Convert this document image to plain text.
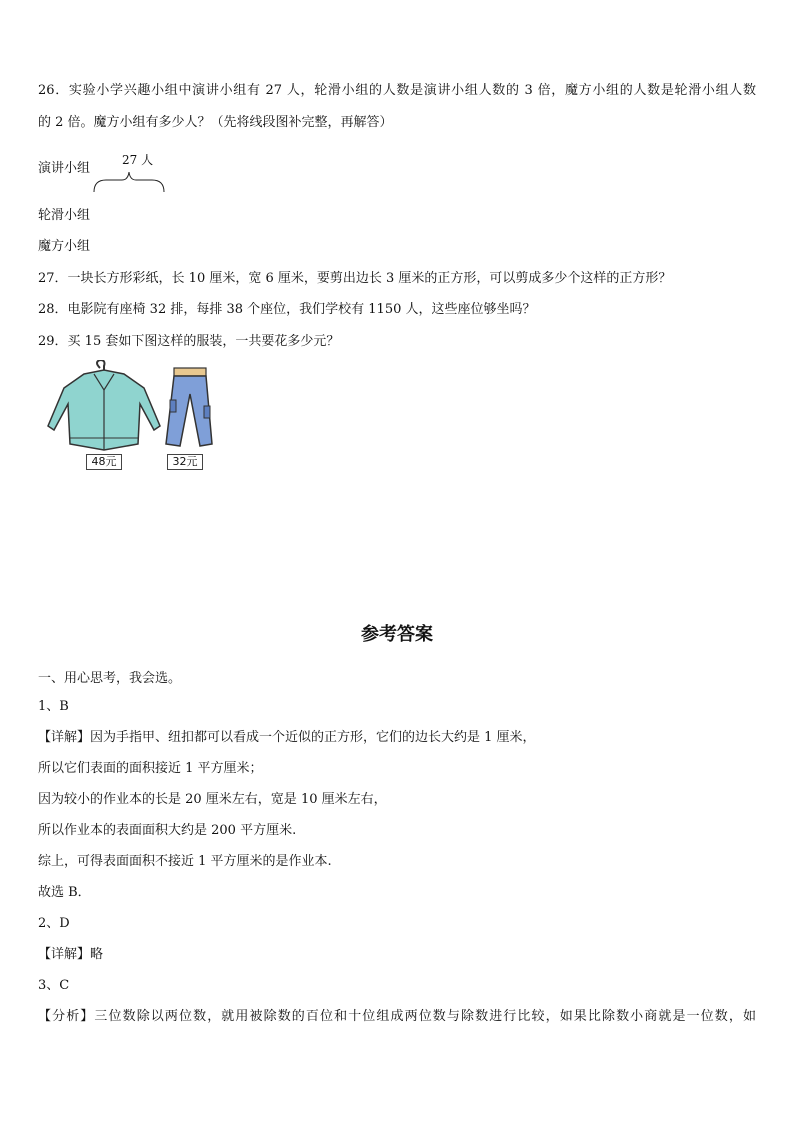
26．实验小学兴趣小组中演讲小组有 27 人，轮滑小组的人数是演讲小组人数的 3 倍，魔方小组的人数是轮滑小组人数
的 2 倍。魔方小组有多少人？（先将线段图补完整，再解答）
演讲小组
27 人
轮滑小组
魔方小组
27．一块长方形彩纸，长 10 厘米，宽 6 厘米，要剪出边长 3 厘米的正方形，可以剪成多少个这样的正方形？
28．电影院有座椅 32 排，每排 38 个座位，我们学校有 1150 人，这些座位够坐吗？
29．买 15 套如下图这样的服装，一共要花多少元？
48元	32元
参考答案
一、用心思考，我会选。
1、B
【详解】因为手指甲、纽扣都可以看成一个近似的正方形，它们的边长大约是 1 厘米，
所以它们表面的面积接近 1 平方厘米；
因为较小的作业本的长是 20 厘米左右，宽是 10 厘米左右，
所以作业本的表面面积大约是 200 平方厘米.
综上，可得表面面积不接近 1 平方厘米的是作业本.
故选 B．
2、D
【详解】略
3、C
【分析】三位数除以两位数，就用被除数的百位和十位组成两位数与除数进行比较，如果比除数小商就是一位数，如
